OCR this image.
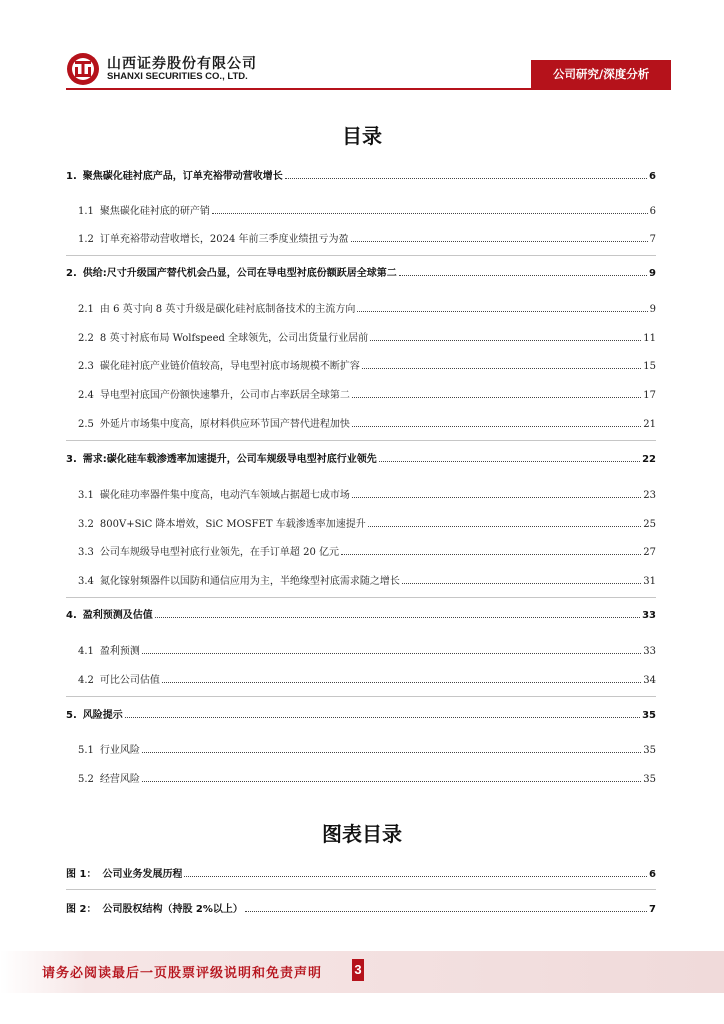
山西证券股份有限公司
SHANXI SECURITIES CO., LTD.	公司研究/深度分析
目录
图表目录
请务必阅读最后一页股票评级说明和免责声明 3
1. 聚焦碳化硅衬底产品，订单充裕带动营收增长	6
1.1 聚焦碳化硅衬底的研产销	6
1.2 订单充裕带动营收增长，2024 年前三季度业绩扭亏为盈	7
2. 供给:尺寸升级国产替代机会凸显，公司在导电型衬底份额跃居全球第二	9
2.1 由 6 英寸向 8 英寸升级是碳化硅衬底制备技术的主流方向	9
2.2 8 英寸衬底布局 Wolfspeed 全球领先，公司出货量行业居前	11
2.3 碳化硅衬底产业链价值较高，导电型衬底市场规模不断扩容	15
2.4 导电型衬底国产份额快速攀升，公司市占率跃居全球第二	17
2.5 外延片市场集中度高，原材料供应环节国产替代进程加快	21
3. 需求:碳化硅车载渗透率加速提升，公司车规级导电型衬底行业领先	22
3.1 碳化硅功率器件集中度高，电动汽车领域占据超七成市场	23
3.2 800V+SiC 降本增效，SiC MOSFET 车载渗透率加速提升	25
3.3 公司车规级导电型衬底行业领先，在手订单超 20 亿元	27
3.4 氮化镓射频器件以国防和通信应用为主，半绝缘型衬底需求随之增长	31
4. 盈利预测及估值	33
4.1 盈利预测	33
4.2 可比公司估值	34
5. 风险提示	35
5.1 行业风险	35
5.2 经营风险	35
图 1： 公司业务发展历程	6
图 2： 公司股权结构（持股 2%以上）	7
